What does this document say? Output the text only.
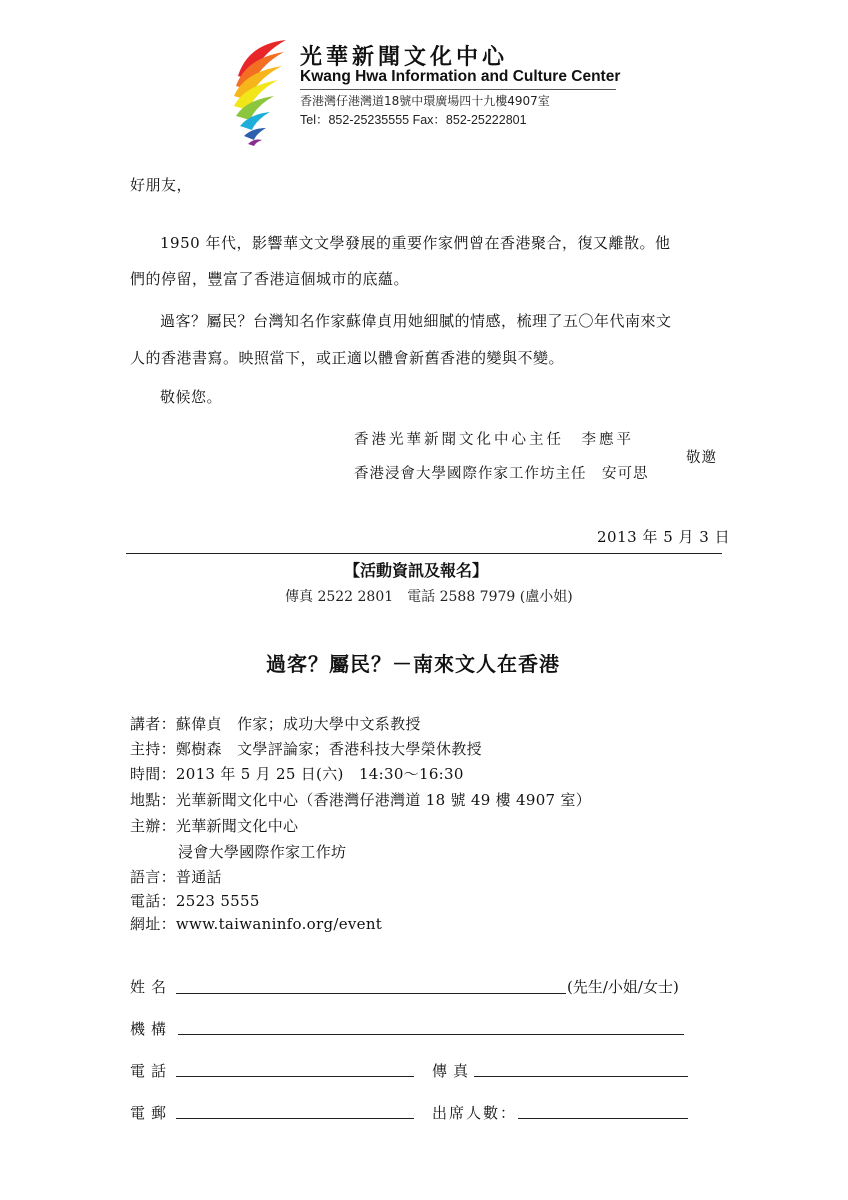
光華新聞文化中心
Kwang Hwa Information and Culture Center
香港灣仔港灣道18號中環廣場四十九樓4907室
Tel：852-25235555 Fax：852-25222801
好朋友，
1950 年代，影響華文文學發展的重要作家們曾在香港聚合，復又離散。他
們的停留，豐富了香港這個城市的底蘊。
過客？屬民？台灣知名作家蘇偉貞用她細膩的情感，梳理了五〇年代南來文
人的香港書寫。映照當下，或正適以體會新舊香港的變與不變。
敬候您。
香港光華新聞文化中心主任　李應平
香港浸會大學國際作家工作坊主任　安可思
敬邀
2013 年 5 月 3 日
【活動資訊及報名】
傳真 2522 2801　電話 2588 7979 (盧小姐)
過客？屬民？－南來文人在香港
講者：蘇偉貞　作家；成功大學中文系教授
主持：鄭樹森　文學評論家；香港科技大學榮休教授
時間：2013 年 5 月 25 日(六)　14:30～16:30
地點：光華新聞文化中心（香港灣仔港灣道 18 號 49 樓 4907 室）
主辦：光華新聞文化中心
浸會大學國際作家工作坊
語言：普通話
電話：2523 5555
網址：www.taiwaninfo.org/event
姓名	(先生/小姐/女士)
機構
電話	傳真
電郵	出席人數：
